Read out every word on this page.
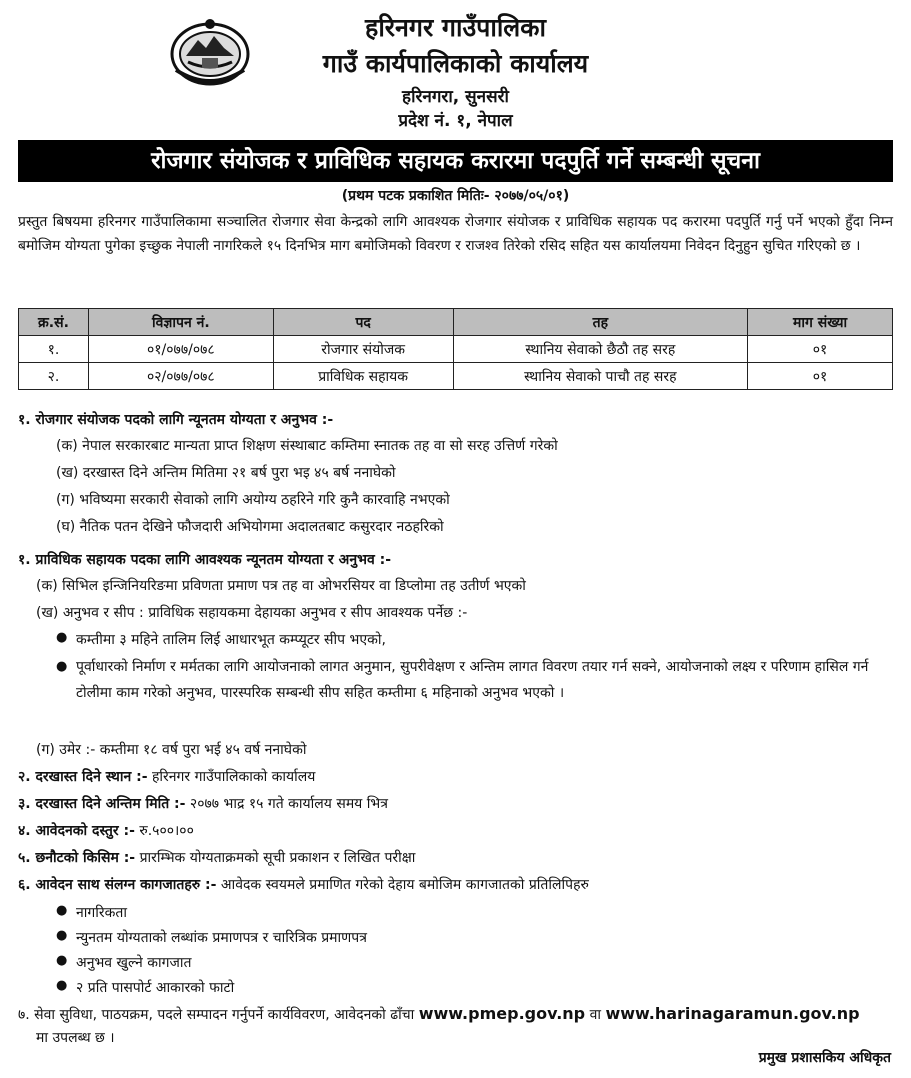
हरिनगर गाउँपालिका
गाउँ कार्यपालिकाको कार्यालय
हरिनगरा, सुनसरी
प्रदेश नं. १, नेपाल
रोजगार संयोजक र प्राविधिक सहायक करारमा पदपुर्ति गर्ने सम्बन्धी सूचना
(प्रथम पटक प्रकाशित मितिः- २०७७/०५/०१)
प्रस्तुत बिषयमा हरिनगर गाउँपालिकामा सञ्चालित रोजगार सेवा केन्द्रको लागि आवश्यक रोजगार संयोजक र प्राविधिक सहायक पद करारमा पदपुर्ति गर्नु पर्ने भएको हुँदा निम्न बमोजिम योग्यता पुगेका इच्छुक नेपाली नागरिकले १५ दिनभित्र माग बमोजिमको विवरण र राजश्व तिरेको रसिद सहित यस कार्यालयमा निवेदन दिनुहुन सुचित गरिएको छ ।
क्र.सं.	विज्ञापन नं.	पद	तह	माग संख्या
१.	०१/०७७/०७८	रोजगार संयोजक	स्थानिय सेवाको छैठौ तह सरह	०१
२.	०२/०७७/०७८	प्राविधिक सहायक	स्थानिय सेवाको पाचौ तह सरह	०१
१. रोजगार संयोजक पदको लागि न्यूनतम योग्यता र अनुभव :-
(क) नेपाल सरकारबाट मान्यता प्राप्त शिक्षण संस्थाबाट कम्तिमा स्नातक तह वा सो सरह उत्तिर्ण गरेको
(ख) दरखास्त दिने अन्तिम मितिमा २१ बर्ष पुरा भइ ४५ बर्ष ननाघेको
(ग) भविष्यमा सरकारी सेवाको लागि अयोग्य ठहरिने गरि कुनै कारवाहि नभएको
(घ) नैतिक पतन देखिने फौजदारी अभियोगमा अदालतबाट कसुरदार नठहरिको
१. प्राविधिक सहायक पदका लागि आवश्यक न्यूनतम योग्यता र अनुभव :-
(क) सिभिल इन्जिनियरिङमा प्रविणता प्रमाण पत्र तह वा ओभरसियर वा डिप्लोमा तह उतीर्ण भएको
(ख) अनुभव र सीप : प्राविधिक सहायकमा देहायका अनुभव र सीप आवश्यक पर्नेछ :-
● कम्तीमा ३ महिने तालिम लिई आधारभूत कम्प्यूटर सीप भएको,
● पूर्वाधारको निर्माण र मर्मतका लागि आयोजनाको लागत अनुमान, सुपरीवेक्षण र अन्तिम लागत विवरण तयार गर्न सक्ने, आयोजनाको लक्ष्य र परिणाम हासिल गर्न टोलीमा काम गरेको अनुभव, पारस्परिक सम्बन्धी सीप सहित कम्तीमा ६ महिनाको अनुभव भएको ।
(ग) उमेर :- कम्तीमा १८ वर्ष पुरा भई ४५ वर्ष ननाघेको
२. दरखास्त दिने स्थान :- हरिनगर गाउँपालिकाको कार्यालय
३. दरखास्त दिने अन्तिम मिति :- २०७७ भाद्र १५ गते कार्यालय समय भित्र
४. आवेदनको दस्तुर :- रु.५००।००
५. छनौटको किसिम :- प्रारम्भिक योग्यताक्रमको सूची प्रकाशन र लिखित परीक्षा
६. आवेदन साथ संलग्न कागजातहरु :- आवेदक स्वयमले प्रमाणित गरेको देहाय बमोजिम कागजातको प्रतिलिपिहरु
● नागरिकता
● न्युनतम योग्यताको लब्धांक प्रमाणपत्र र चारित्रिक प्रमाणपत्र
● अनुभव खुल्ने कागजात
● २ प्रति पासपोर्ट आकारको फाटो
७. सेवा सुविधा, पाठयक्रम, पदले सम्पादन गर्नुपर्ने कार्यविवरण, आवेदनको ढाँचा www.pmep.gov.np वा www.harinagaramun.gov.np
मा उपलब्ध छ ।
प्रमुख प्रशासकिय अधिकृत
